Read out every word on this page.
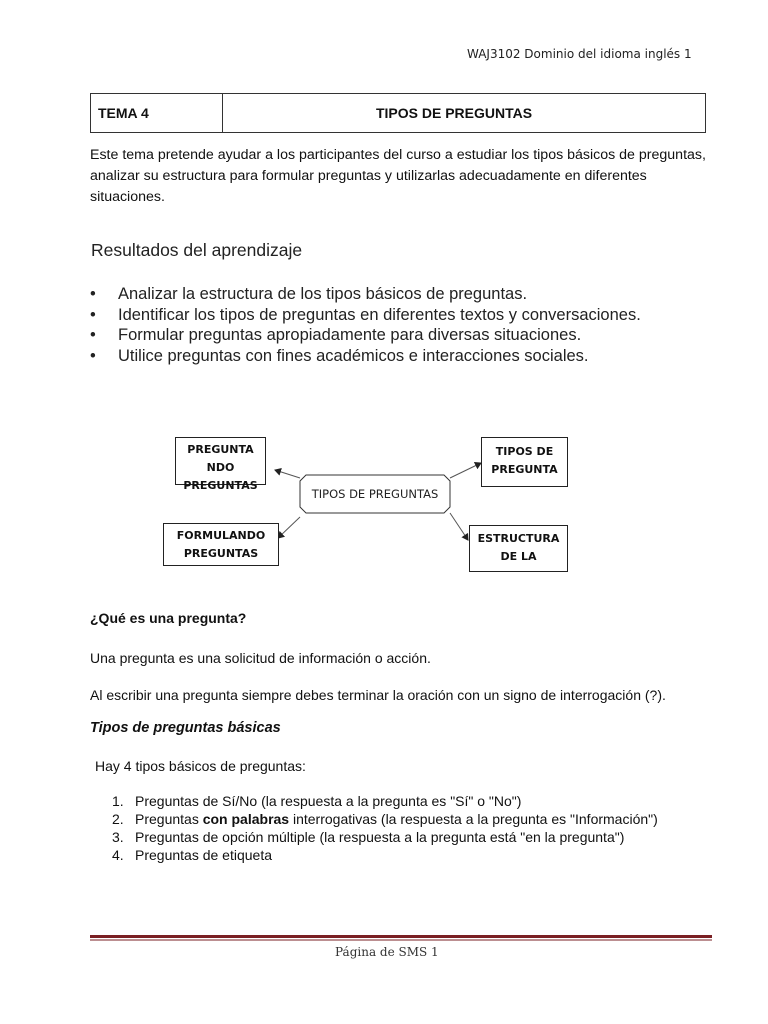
WAJ3102 Dominio del idioma inglés 1
TEMA 4	TIPOS DE PREGUNTAS
Este tema pretende ayudar a los participantes del curso a estudiar los tipos básicos de preguntas, analizar su estructura para formular preguntas y utilizarlas adecuadamente en diferentes situaciones.
Resultados del aprendizaje
• Analizar la estructura de los tipos básicos de preguntas.
• Identificar los tipos de preguntas en diferentes textos y conversaciones.
• Formular preguntas apropiadamente para diversas situaciones.
• Utilice preguntas con fines académicos e interacciones sociales.
TIPOS DE PREGUNTAS
PREGUNTA
NDO
PREGUNTAS
TIPOS DE
PREGUNTA
FORMULANDO
PREGUNTAS
ESTRUCTURA
DE LA
¿Qué es una pregunta?
Una pregunta es una solicitud de información o acción.
Al escribir una pregunta siempre debes terminar la oración con un signo de interrogación (?).
Tipos de preguntas básicas
Hay 4 tipos básicos de preguntas:
1. Preguntas de Sí/No (la respuesta a la pregunta es "Sí" o "No")
2. Preguntas con palabras interrogativas (la respuesta a la pregunta es "Información")
3. Preguntas de opción múltiple (la respuesta a la pregunta está "en la pregunta")
4. Preguntas de etiqueta
Página de SMS 1
